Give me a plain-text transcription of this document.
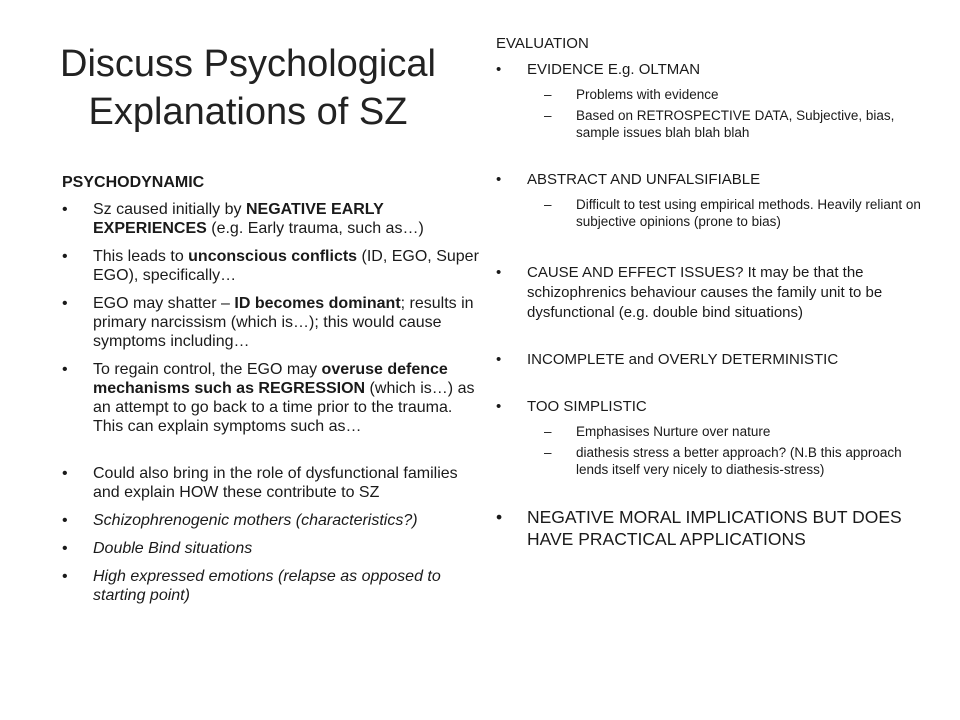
Discuss Psychological
Explanations of SZ
PSYCHODYNAMIC
• Sz caused initially by NEGATIVE EARLY EXPERIENCES (e.g. Early trauma, such as…)
• This leads to unconscious conflicts (ID, EGO, Super EGO), specifically…
• EGO may shatter – ID becomes dominant; results in primary narcissism (which is…); this would cause symptoms including…
• To regain control, the EGO may overuse defence mechanisms such as REGRESSION (which is…) as an attempt to go back to a time prior to the trauma. This can explain symptoms such as…
• Could also bring in the role of dysfunctional families and explain HOW these contribute to SZ
• Schizophrenogenic mothers (characteristics?)
• Double Bind situations
• High expressed emotions (relapse as opposed to starting point)
EVALUATION
• EVIDENCE E.g. OLTMAN
– Problems with evidence
– Based on RETROSPECTIVE DATA, Subjective, bias, sample issues blah blah blah
• ABSTRACT AND UNFALSIFIABLE
– Difficult to test using empirical methods. Heavily reliant on subjective opinions (prone to bias)
• CAUSE AND EFFECT ISSUES? It may be that the schizophrenics behaviour causes the family unit to be dysfunctional (e.g. double bind situations)
• INCOMPLETE and OVERLY DETERMINISTIC
• TOO SIMPLISTIC
– Emphasises Nurture over nature
– diathesis stress a better approach? (N.B this approach lends itself very nicely to diathesis-stress)
• NEGATIVE MORAL IMPLICATIONS BUT DOES HAVE PRACTICAL APPLICATIONS
